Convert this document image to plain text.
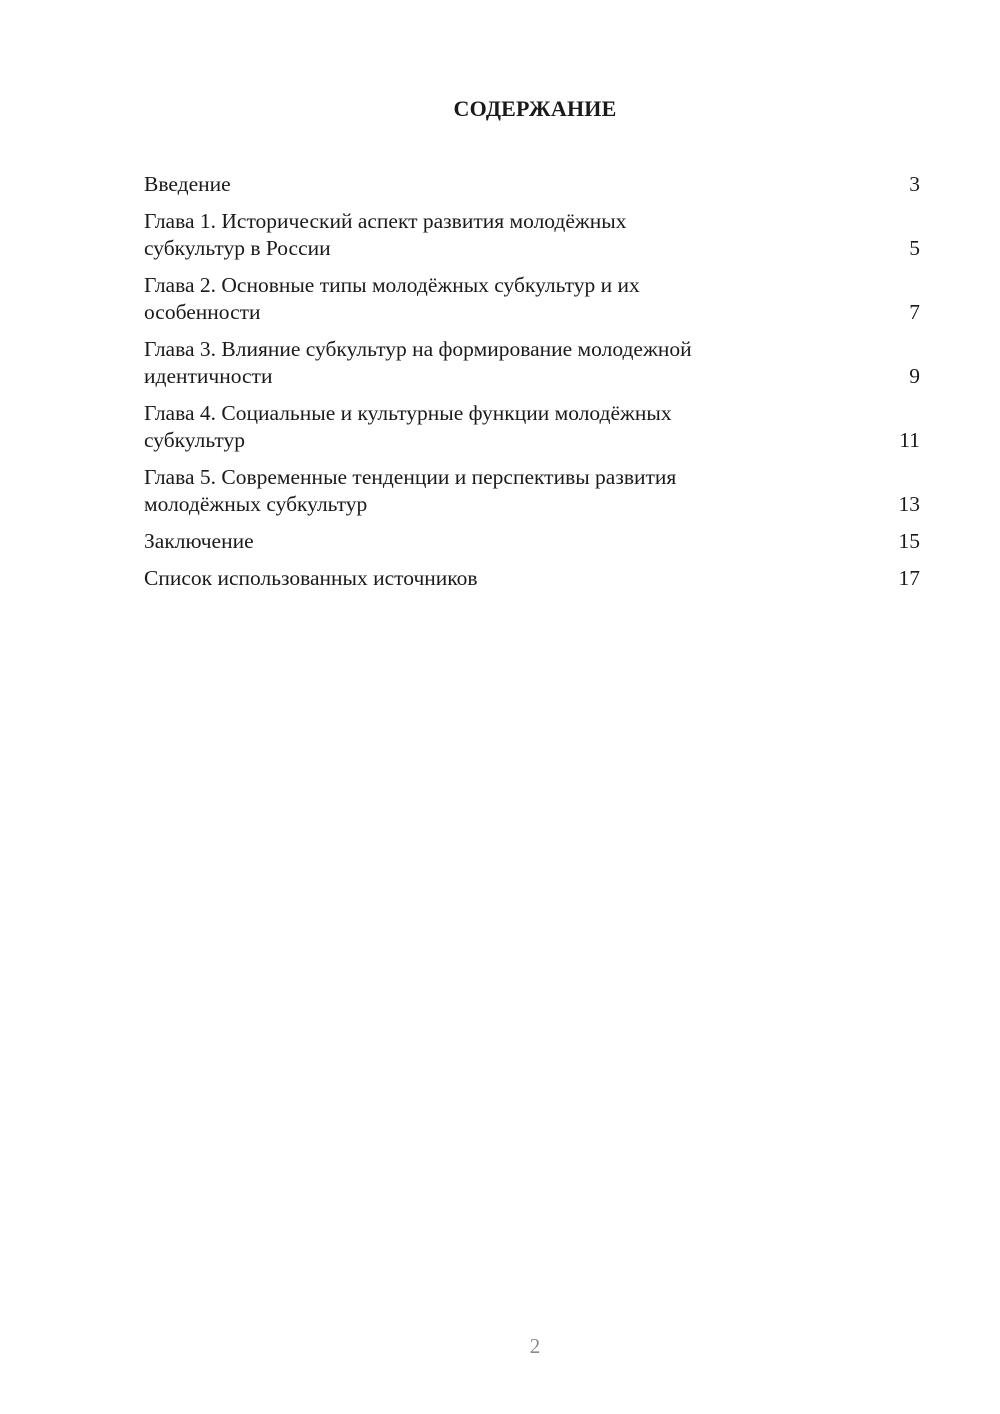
СОДЕРЖАНИЕ
Введение	3
Глава 1. Исторический аспект развития молодёжных
субкультур в России	5
Глава 2. Основные типы молодёжных субкультур и их
особенности	7
Глава 3. Влияние субкультур на формирование молодежной
идентичности	9
Глава 4. Социальные и культурные функции молодёжных
субкультур	11
Глава 5. Современные тенденции и перспективы развития
молодёжных субкультур	13
Заключение	15
Список использованных источников	17
2
